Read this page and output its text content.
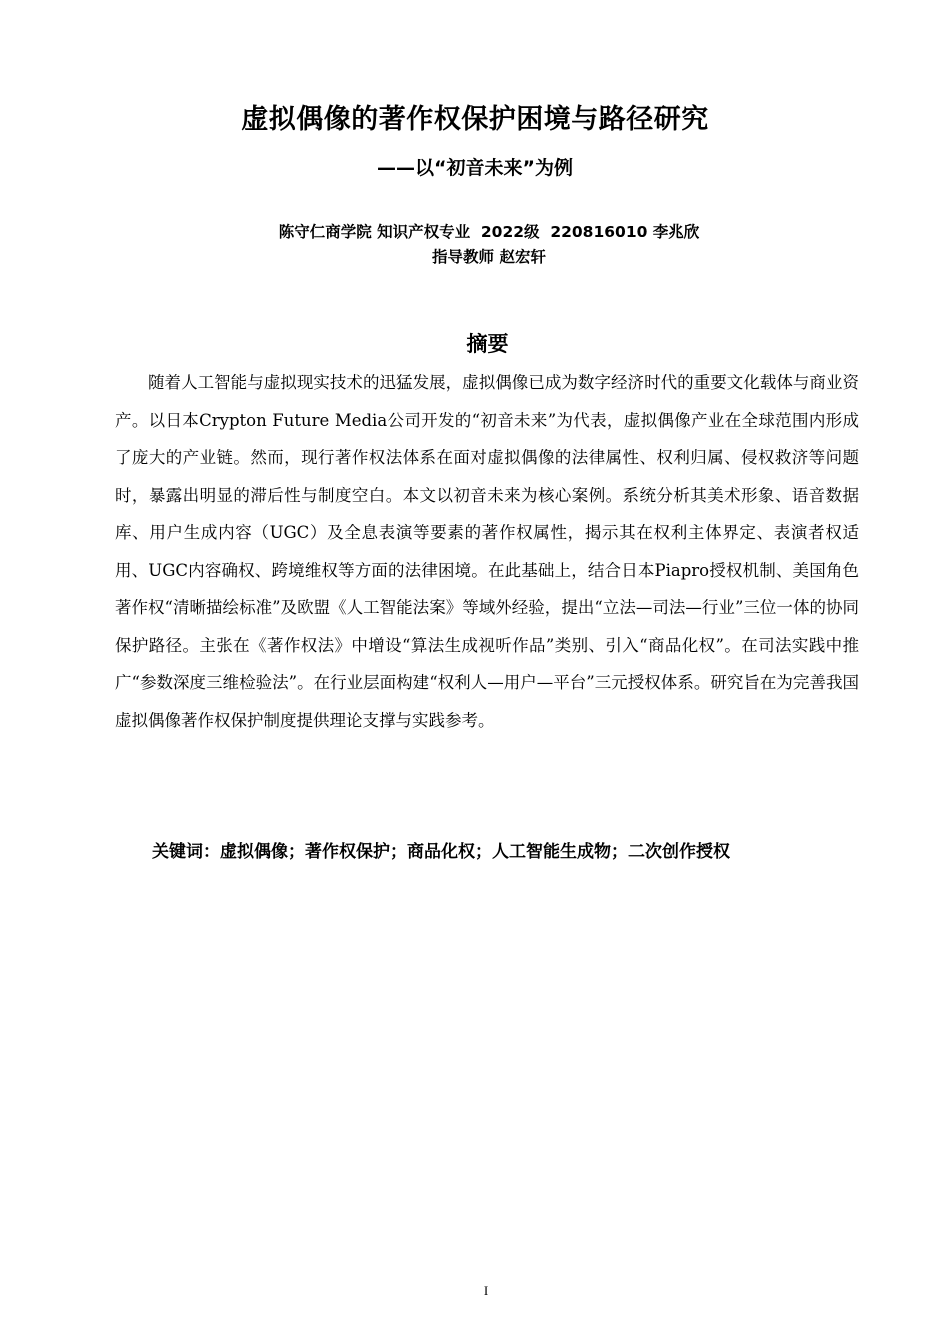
虚拟偶像的著作权保护困境与路径研究
——以“初音未来”为例
陈守仁商学院 知识产权专业  2022级  220816010 李兆欣
指导教师 赵宏轩
摘要

随着人工智能与虚拟现实技术的迅猛发展，虚拟偶像已成为数字经济时代的重要文化载体与商业资产。以日本Crypton Future Media公司开发的“初音未来”为代表，虚拟偶像产业在全球范围内形成了庞大的产业链。然而，现行著作权法体系在面对虚拟偶像的法律属性、权利归属、侵权救济等问题时，暴露出明显的滞后性与制度空白。本文以初音未来为核心案例。系统分析其美术形象、语音数据库、用户生成内容（UGC）及全息表演等要素的著作权属性，揭示其在权利主体界定、表演者权适用、UGC内容确权、跨境维权等方面的法律困境。在此基础上，结合日本Piapro授权机制、美国角色著作权“清晰描绘标准”及欧盟《人工智能法案》等域外经验，提出“立法—司法—行业”三位一体的协同保护路径。主张在《著作权法》中增设“算法生成视听作品”类别、引入“商品化权”。在司法实践中推广“参数深度三维检验法”。在行业层面构建“权利人—用户—平台”三元授权体系。研究旨在为完善我国虚拟偶像著作权保护制度提供理论支撑与实践参考。

关键词：虚拟偶像；著作权保护；商品化权；人工智能生成物；二次创作授权
I
